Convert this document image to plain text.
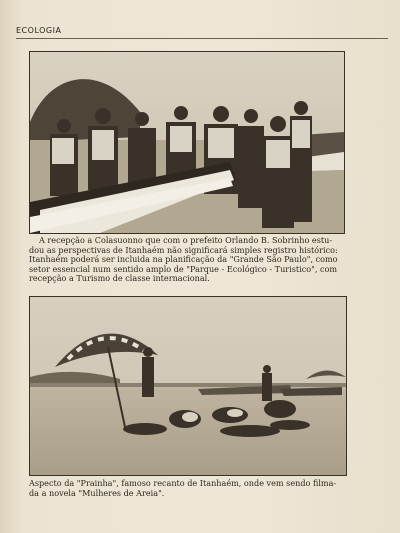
ECOLOGIA
A recepção a Colasuonno que com o prefeito Orlando B. Sobrinho estu-
dou as perspectivas de Itanhaém não significará simples registro histórico:
Itanhaém poderá ser incluida na planificação da "Grande São Paulo", como
setor essencial num sentido amplo de "Parque - Ecológico - Turistico", com
recepção a Turismo de classe internacional.
Aspecto da "Prainha", famoso recanto de Itanhaém, onde vem sendo filma-
da a novela "Mulheres de Areia".
